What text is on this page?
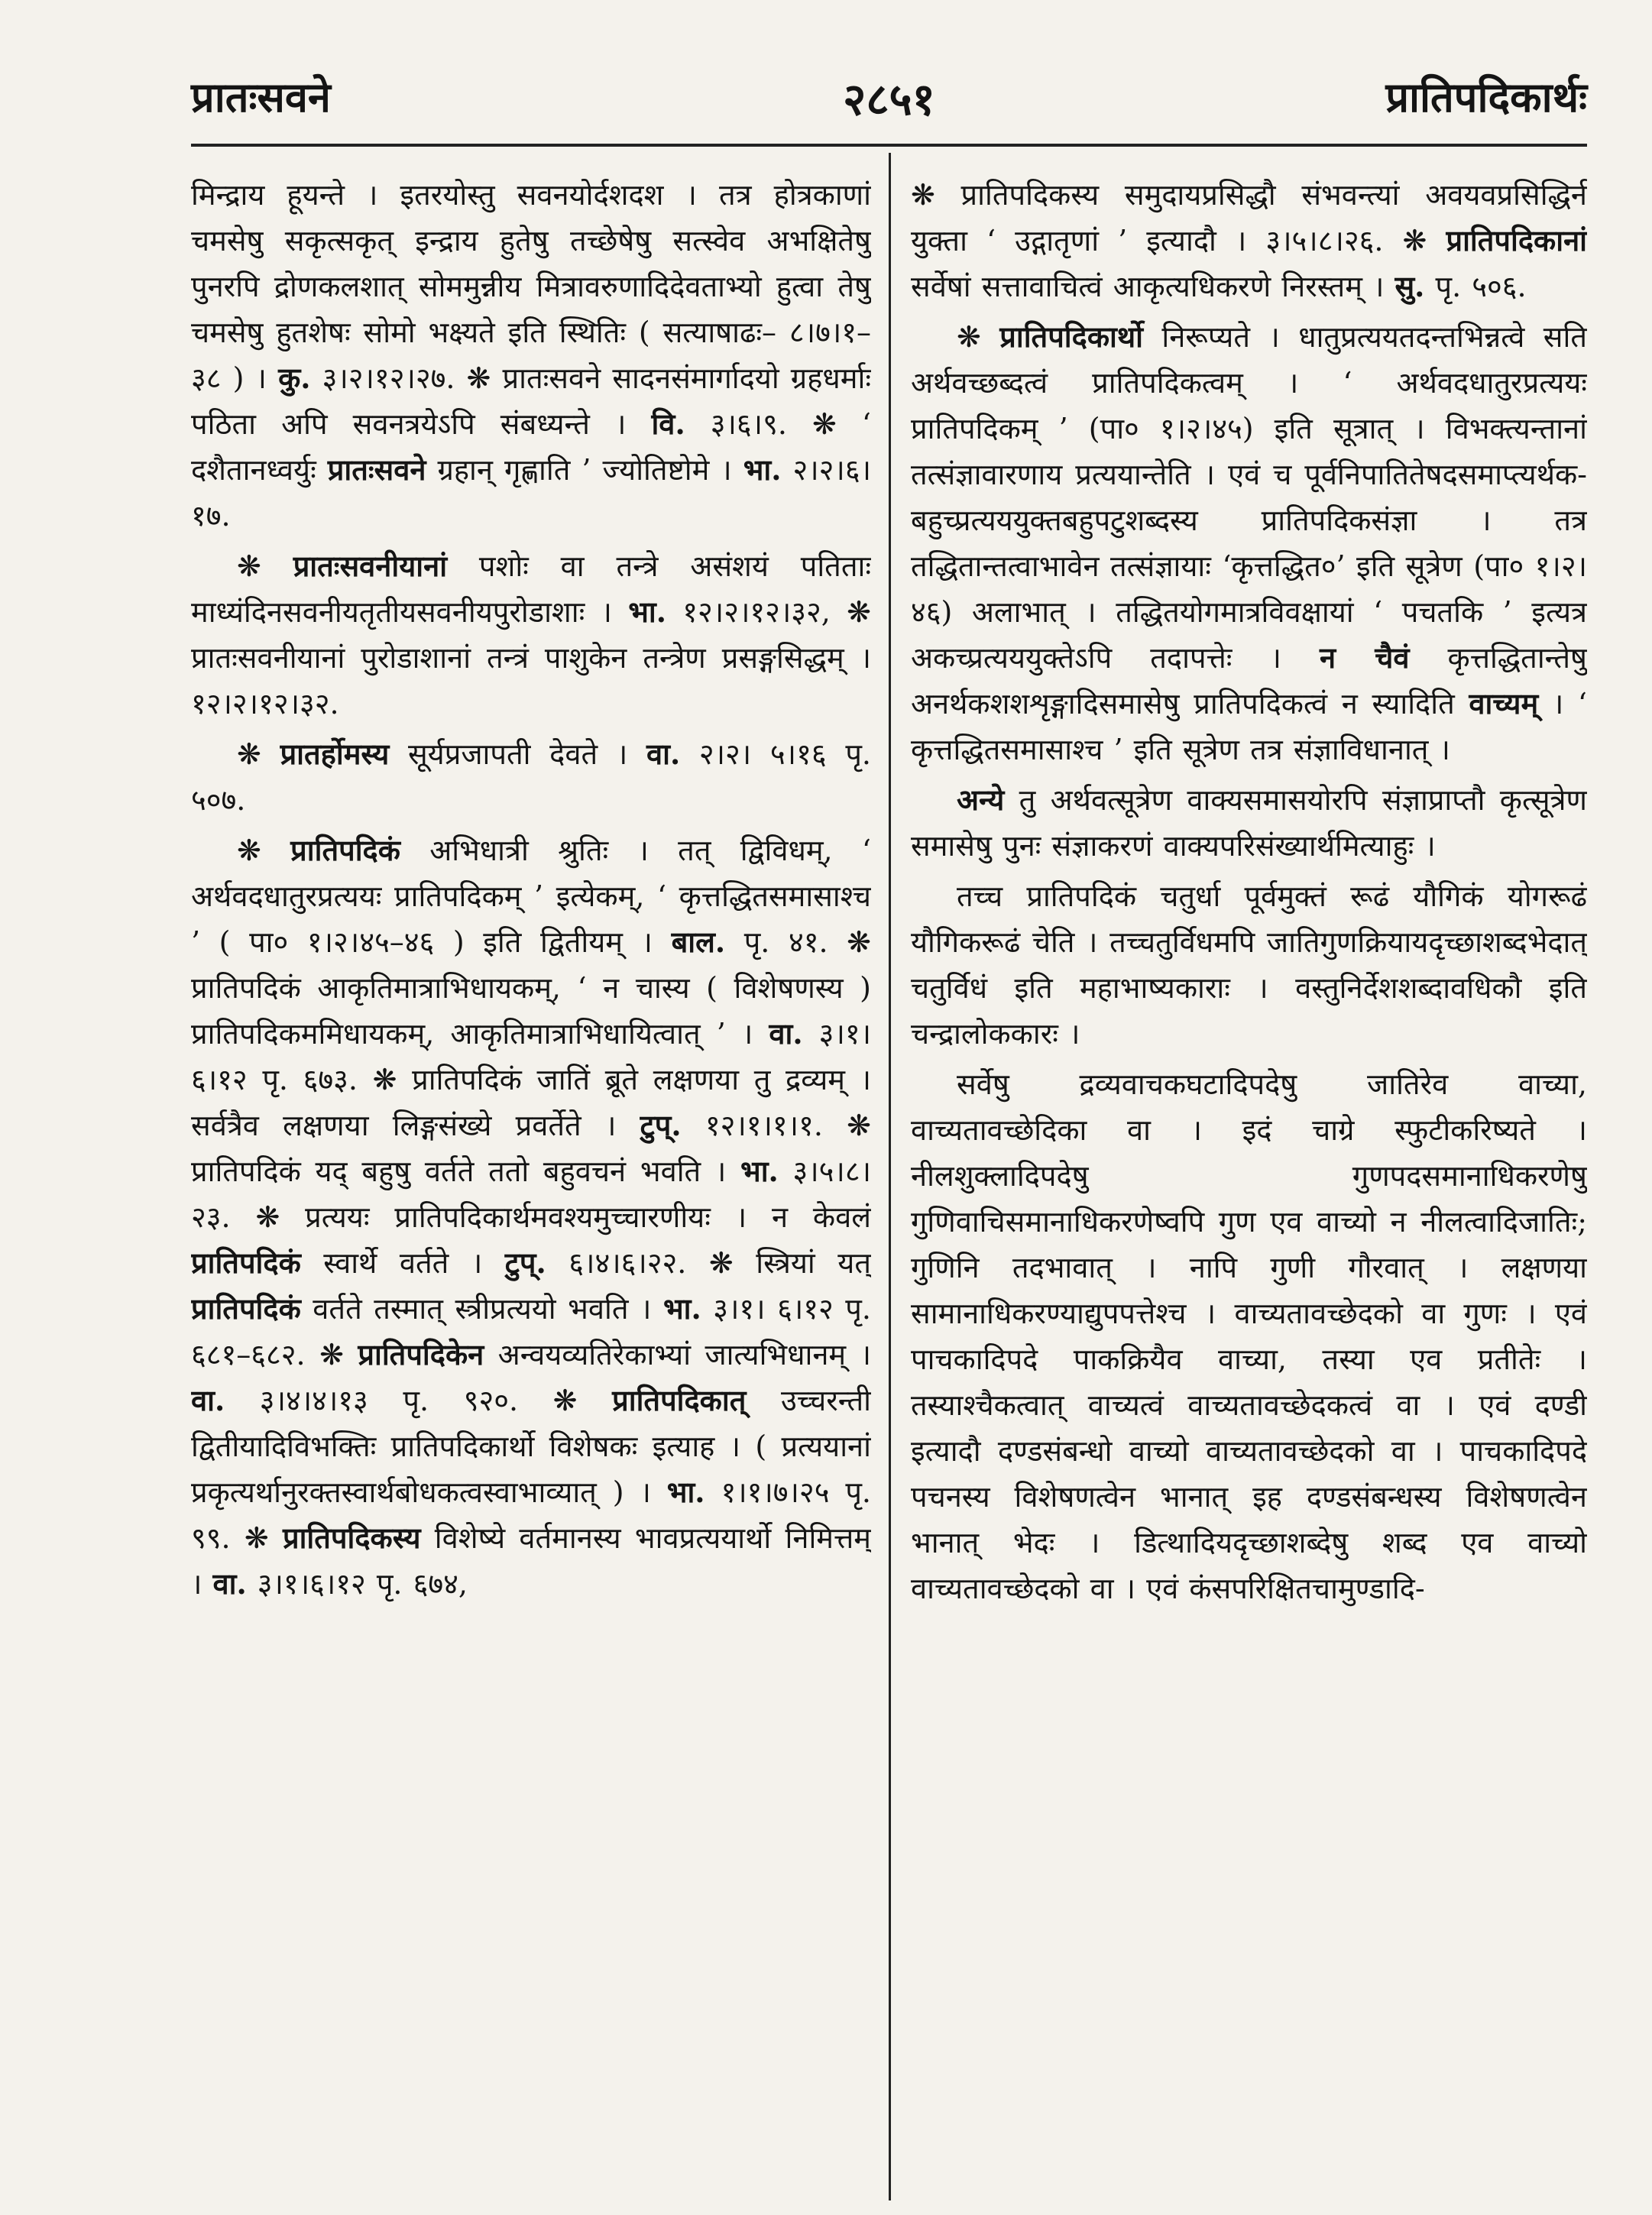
प्रातःसवने	२८५१	प्रातिपदिकार्थः

मिन्द्राय हूयन्ते । इतरयोस्तु सवनयोर्दशदश । तत्र होत्रकाणां चमसेषु सकृत्सकृत् इन्द्राय हुतेषु तच्छेषेषु सत्स्वेव अभक्षितेषु पुनरपि द्रोणकलशात् सोममुन्नीय मित्रावरुणादिदेवताभ्यो हुत्वा तेषु चमसेषु हुतशेषः सोमो भक्ष्यते इति स्थितिः ( सत्याषाढः– ८।७।१–३८ ) । कु. ३।२।१२।२७. ❋ प्रातःसवने सादनसंमार्गादयो ग्रहधर्माः पठिता अपि सवनत्रयेऽपि संबध्यन्ते । वि. ३।६।९. ❋ ‘ दशैतानध्वर्युः प्रातःसवने ग्रहान् गृह्णाति ’ ज्योतिष्टोमे । भा. २।२।६।१७.

❋ प्रातःसवनीयानां पशोः वा तन्त्रे असंशयं पतिताः माध्यंदिनसवनीयतृतीयसवनीयपुरोडाशाः । भा. १२।२।१२।३२, ❋ प्रातःसवनीयानां पुरोडाशानां तन्त्रं पाशुकेन तन्त्रेण प्रसङ्गसिद्धम् । १२।२।१२।३२.

❋ प्रातर्होमस्य सूर्यप्रजापती देवते । वा. २।२। ५।१६ पृ. ५०७.

❋ प्रातिपदिकं अभिधात्री श्रुतिः । तत् द्विविधम्, ‘ अर्थवदधातुरप्रत्ययः प्रातिपदिकम् ’ इत्येकम्, ‘ कृत्तद्धितसमासाश्च ’ ( पा० १।२।४५–४६ ) इति द्वितीयम् । बाल. पृ. ४१. ❋ प्रातिपदिकं आकृतिमात्राभिधायकम्, ‘ न चास्य ( विशेषणस्य ) प्रातिपदिकममिधायकम्, आकृतिमात्राभिधायित्वात् ’ । वा. ३।१। ६।१२ पृ. ६७३. ❋ प्रातिपदिकं जातिं ब्रूते लक्षणया तु द्रव्यम् । सर्वत्रैव लक्षणया लिङ्गसंख्ये प्रवर्तेते । टुप्. १२।१।१।१. ❋ प्रातिपदिकं यद् बहुषु वर्तते ततो बहुवचनं भवति । भा. ३।५।८।२३. ❋ प्रत्ययः प्रातिपदिकार्थमवश्यमुच्चारणीयः । न केवलं प्रातिपदिकं स्वार्थे वर्तते । टुप्. ६।४।६।२२. ❋ स्त्रियां यत् प्रातिपदिकं वर्तते तस्मात् स्त्रीप्रत्ययो भवति । भा. ३।१। ६।१२ पृ. ६८१–६८२. ❋ प्रातिपदिकेन अन्वयव्यतिरेकाभ्यां जात्यभिधानम् । वा. ३।४।४।१३ पृ. ९२०. ❋ प्रातिपदिकात् उच्चरन्ती द्वितीयादिविभक्तिः प्रातिपदिकार्थो विशेषकः इत्याह । ( प्रत्ययानां प्रकृत्यर्थानुरक्तस्वार्थबोधकत्वस्वाभाव्यात् ) । भा. १।१।७।२५ पृ. ९९. ❋ प्रातिपदिकस्य विशेष्ये वर्तमानस्य भावप्रत्ययार्थो निमित्तम् । वा. ३।१।६।१२ पृ. ६७४,

❋ प्रातिपदिकस्य समुदायप्रसिद्धौ संभवन्त्यां अवयवप्रसिद्धिर्न युक्ता ‘ उद्गातृणां ’ इत्यादौ । ३।५।८।२६. ❋ प्रातिपदिकानां सर्वेषां सत्तावाचित्वं आकृत्यधिकरणे निरस्तम् । सु. पृ. ५०६.

❋ प्रातिपदिकार्थो निरूप्यते । धातुप्रत्ययतदन्तभिन्नत्वे सति अर्थवच्छब्दत्वं प्रातिपदिकत्वम् । ‘ अर्थवदधातुरप्रत्ययः प्रातिपदिकम् ’ (पा० १।२।४५) इति सूत्रात् । विभक्त्यन्तानां तत्संज्ञावारणाय प्रत्ययान्तेति । एवं च पूर्वनिपातितेषदसमाप्त्यर्थक-बहुच्प्रत्यययुक्तबहुपटुशब्दस्य प्रातिपदिकसंज्ञा । तत्र तद्धितान्तत्वाभावेन तत्संज्ञायाः ‘कृत्तद्धित०’ इति सूत्रेण (पा० १।२।४६) अलाभात् । तद्धितयोगमात्रविवक्षायां ‘ पचतकि ’ इत्यत्र अकच्प्रत्यययुक्तेऽपि तदापत्तेः । न चैवं कृत्तद्धितान्तेषु अनर्थकशशशृङ्गादिसमासेषु प्रातिपदिकत्वं न स्यादिति वाच्यम् । ‘ कृत्तद्धितसमासाश्च ’ इति सूत्रेण तत्र संज्ञाविधानात् ।

अन्ये तु अर्थवत्सूत्रेण वाक्यसमासयोरपि संज्ञाप्राप्तौ कृत्सूत्रेण समासेषु पुनः संज्ञाकरणं वाक्यपरिसंख्यार्थमित्याहुः ।

तच्च प्रातिपदिकं चतुर्धा पूर्वमुक्तं रूढं यौगिकं योगरूढं यौगिकरूढं चेति । तच्चतुर्विधमपि जातिगुणक्रियायदृच्छाशब्दभेदात् चतुर्विधं इति महाभाष्यकाराः । वस्तुनिर्देशशब्दावधिकौ इति चन्द्रालोककारः ।

सर्वेषु द्रव्यवाचकघटादिपदेषु जातिरेव वाच्या, वाच्यतावच्छेदिका वा । इदं चाग्रे स्फुटीकरिष्यते । नीलशुक्लादिपदेषु गुणपदसमानाधिकरणेषु गुणिवाचिसमानाधिकरणेष्वपि गुण एव वाच्यो न नीलत्वादिजातिः; गुणिनि तदभावात् । नापि गुणी गौरवात् । लक्षणया सामानाधिकरण्याद्युपपत्तेश्च । वाच्यतावच्छेदको वा गुणः । एवं पाचकादिपदे पाकक्रियैव वाच्या, तस्या एव प्रतीतेः । तस्याश्चैकत्वात् वाच्यत्वं वाच्यतावच्छेदकत्वं वा । एवं दण्डी इत्यादौ दण्डसंबन्धो वाच्यो वाच्यतावच्छेदको वा । पाचकादिपदे पचनस्य विशेषणत्वेन भानात् इह दण्डसंबन्धस्य विशेषणत्वेन भानात् भेदः । डित्थादियदृच्छाशब्देषु शब्द एव वाच्यो वाच्यतावच्छेदको वा । एवं कंसपरिक्षितचामुण्डादि-
